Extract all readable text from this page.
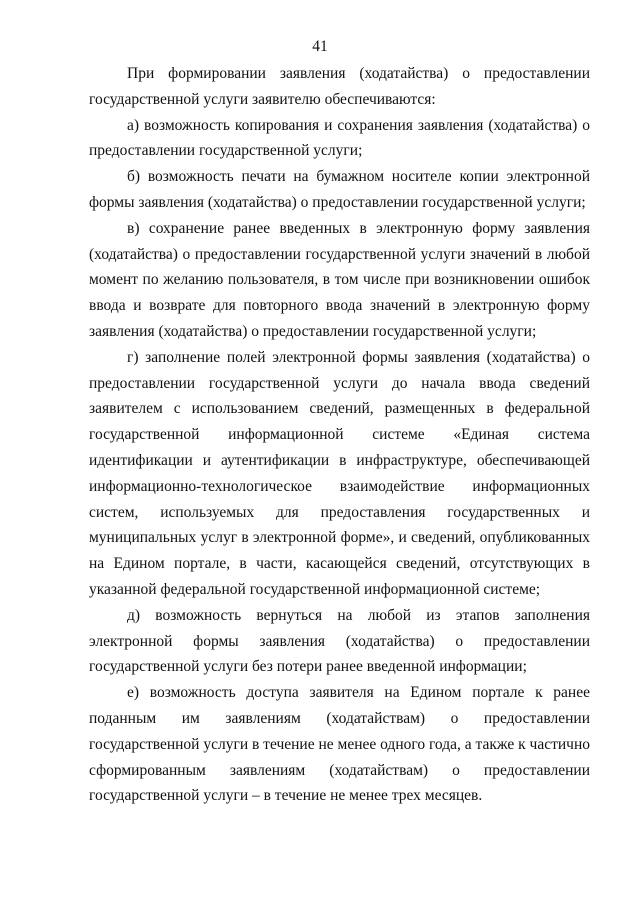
41

При формировании заявления (ходатайства) о предоставлении государственной услуги заявителю обеспечиваются:

а) возможность копирования и сохранения заявления (ходатайства) о предоставлении государственной услуги;

б) возможность печати на бумажном носителе копии электронной формы заявления (ходатайства) о предоставлении государственной услуги;

в) сохранение ранее введенных в электронную форму заявления (ходатайства) о предоставлении государственной услуги значений в любой момент по желанию пользователя, в том числе при возникновении ошибок ввода и возврате для повторного ввода значений в электронную форму заявления (ходатайства) о предоставлении государственной услуги;

г) заполнение полей электронной формы заявления (ходатайства) о предоставлении государственной услуги до начала ввода сведений заявителем с использованием сведений, размещенных в федеральной государственной информационной системе «Единая система идентификации и аутентификации в инфраструктуре, обеспечивающей информационно-технологическое взаимодействие информационных систем, используемых для предоставления государственных и муниципальных услуг в электронной форме», и сведений, опубликованных на Едином портале, в части, касающейся сведений, отсутствующих в указанной федеральной государственной информационной системе;

д) возможность вернуться на любой из этапов заполнения электронной формы заявления (ходатайства) о предоставлении государственной услуги без потери ранее введенной информации;

е) возможность доступа заявителя на Едином портале к ранее поданным им заявлениям (ходатайствам) о предоставлении государственной услуги в течение не менее одного года, а также к частично сформированным заявлениям (ходатайствам) о предоставлении государственной услуги – в течение не менее трех месяцев.
